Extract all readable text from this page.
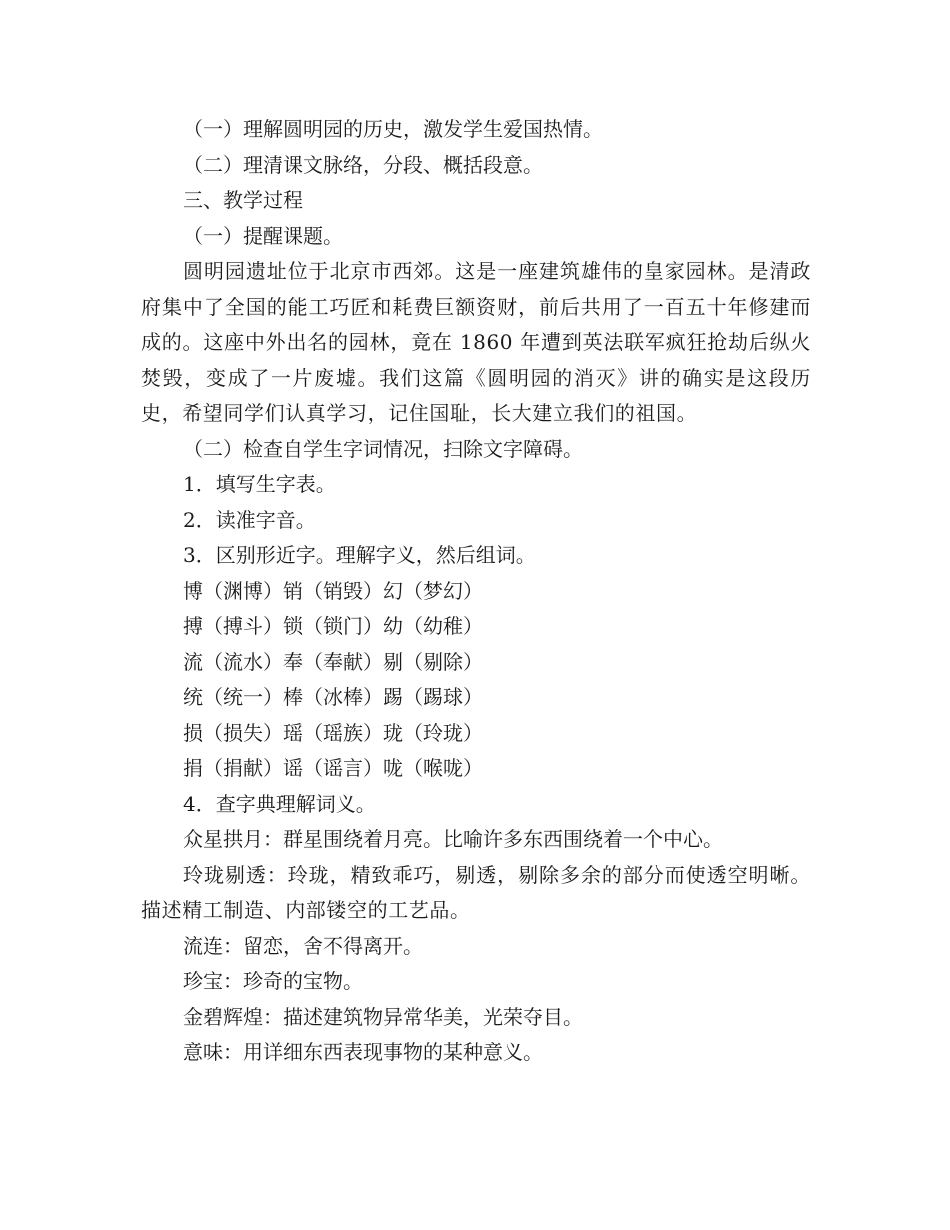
（一）理解圆明园的历史，激发学生爱国热情。
（二）理清课文脉络，分段、概括段意。
三、教学过程
（一）提醒课题。
圆明园遗址位于北京市西郊。这是一座建筑雄伟的皇家园林。是清政府集中了全国的能工巧匠和耗费巨额资财，前后共用了一百五十年修建而成的。这座中外出名的园林，竟在 1860 年遭到英法联军疯狂抢劫后纵火焚毁，变成了一片废墟。我们这篇《圆明园的消灭》讲的确实是这段历史，希望同学们认真学习，记住国耻，长大建立我们的祖国。
（二）检查自学生字词情况，扫除文字障碍。
1．填写生字表。
2．读准字音。
3．区别形近字。理解字义，然后组词。
博（渊博）销（销毁）幻（梦幻）
搏（搏斗）锁（锁门）幼（幼稚）
流（流水）奉（奉献）剔（剔除）
统（统一）棒（冰棒）踢（踢球）
损（损失）瑶（瑶族）珑（玲珑）
捐（捐献）谣（谣言）咙（喉咙）
4．查字典理解词义。
众星拱月：群星围绕着月亮。比喻许多东西围绕着一个中心。
玲珑剔透：玲珑，精致乖巧，剔透，剔除多余的部分而使透空明晰。描述精工制造、内部镂空的工艺品。
流连：留恋，舍不得离开。
珍宝：珍奇的宝物。
金碧辉煌：描述建筑物异常华美，光荣夺目。
意味：用详细东西表现事物的某种意义。
